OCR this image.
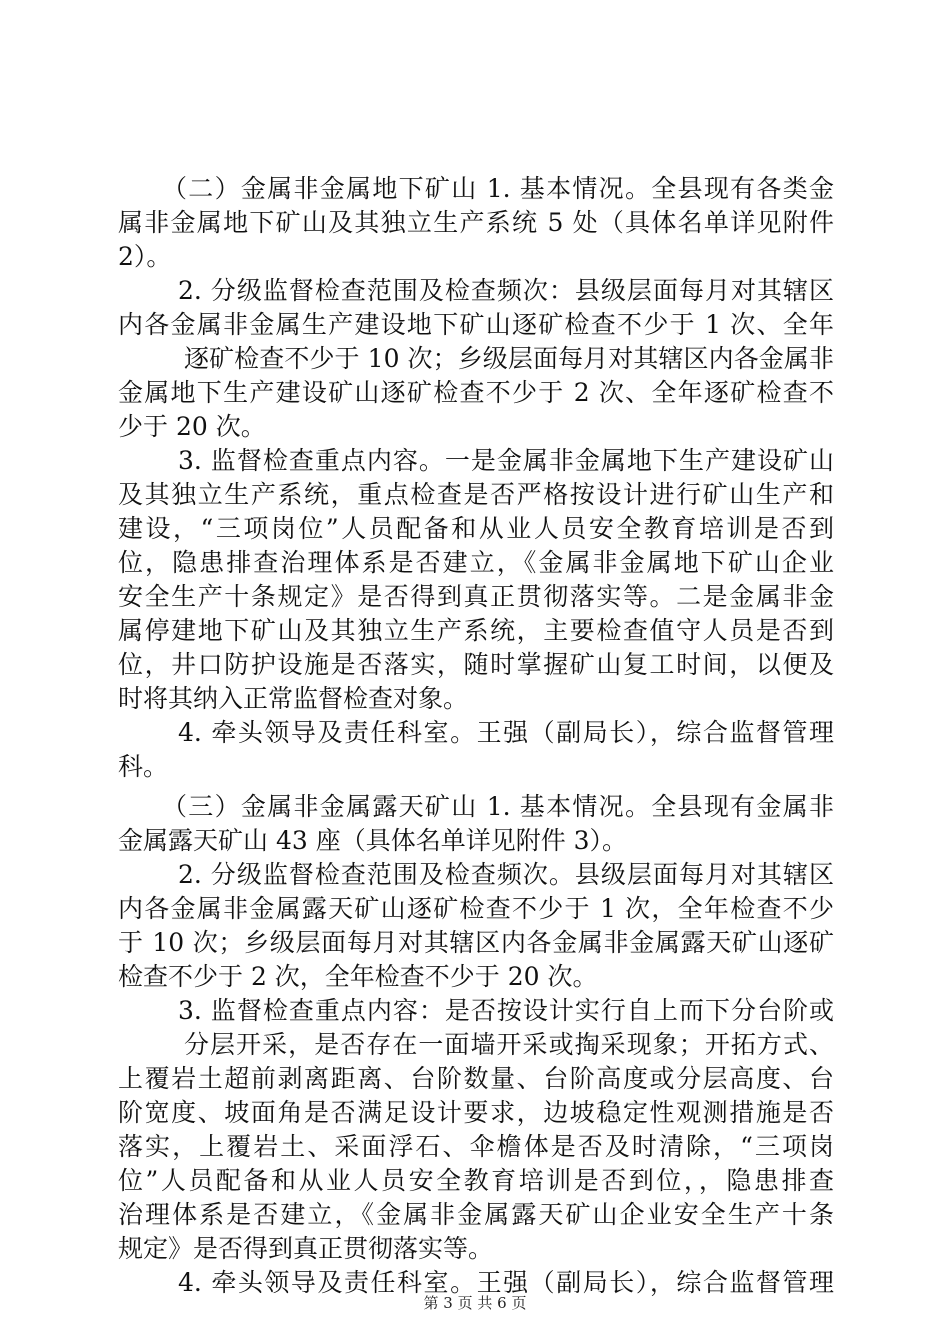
（二）金属非金属地下矿山 1. 基本情况。全县现有各类金
属非金属地下矿山及其独立生产系统 5 处（具体名单详见附件
2）。
2. 分级监督检查范围及检查频次：县级层面每月对其辖区
内各金属非金属生产建设地下矿山逐矿检查不少于 1 次、全年
逐矿检查不少于 10 次；乡级层面每月对其辖区内各金属非
金属地下生产建设矿山逐矿检查不少于 2 次、全年逐矿检查不
少于 20 次。
3. 监督检查重点内容。一是金属非金属地下生产建设矿山
及其独立生产系统，重点检查是否严格按设计进行矿山生产和
建设，“三项岗位”人员配备和从业人员安全教育培训是否到
位，隐患排查治理体系是否建立，《金属非金属地下矿山企业
安全生产十条规定》是否得到真正贯彻落实等。二是金属非金
属停建地下矿山及其独立生产系统，主要检查值守人员是否到
位，井口防护设施是否落实，随时掌握矿山复工时间，以便及
时将其纳入正常监督检查对象。
4. 牵头领导及责任科室。王强（副局长），综合监督管理
科。
（三）金属非金属露天矿山 1. 基本情况。全县现有金属非
金属露天矿山 43 座（具体名单详见附件 3）。
2. 分级监督检查范围及检查频次。县级层面每月对其辖区
内各金属非金属露天矿山逐矿检查不少于 1 次，全年检查不少
于 10 次；乡级层面每月对其辖区内各金属非金属露天矿山逐矿
检查不少于 2 次，全年检查不少于 20 次。
3. 监督检查重点内容：是否按设计实行自上而下分台阶或
分层开采，是否存在一面墙开采或掏采现象；开拓方式、
上覆岩土超前剥离距离、台阶数量、台阶高度或分层高度、台
阶宽度、坡面角是否满足设计要求，边坡稳定性观测措施是否
落实，上覆岩土、采面浮石、伞檐体是否及时清除，“三项岗
位”人员配备和从业人员安全教育培训是否到位，，隐患排查
治理体系是否建立，《金属非金属露天矿山企业安全生产十条
规定》是否得到真正贯彻落实等。
4. 牵头领导及责任科室。王强（副局长），综合监督管理
第 3 页 共 6 页
